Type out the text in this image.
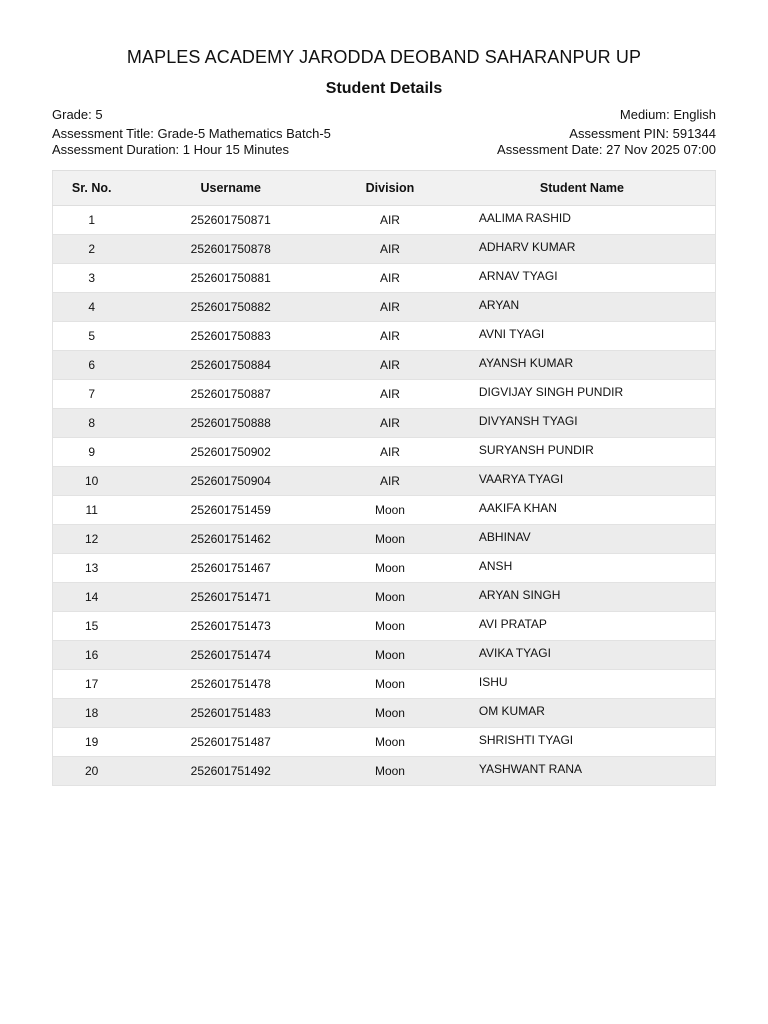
MAPLES ACADEMY JARODDA DEOBAND SAHARANPUR UP
Student Details
Grade: 5	Medium: English
Assessment Title: Grade-5 Mathematics Batch-5	Assessment PIN: 591344
Assessment Duration: 1 Hour 15 Minutes	Assessment Date: 27 Nov 2025 07:00
Sr. No.	Username	Division	Student Name
1	252601750871	AIR	AALIMA RASHID
2	252601750878	AIR	ADHARV KUMAR
3	252601750881	AIR	ARNAV TYAGI
4	252601750882	AIR	ARYAN
5	252601750883	AIR	AVNI TYAGI
6	252601750884	AIR	AYANSH KUMAR
7	252601750887	AIR	DIGVIJAY SINGH PUNDIR
8	252601750888	AIR	DIVYANSH TYAGI
9	252601750902	AIR	SURYANSH PUNDIR
10	252601750904	AIR	VAARYA TYAGI
11	252601751459	Moon	AAKIFA KHAN
12	252601751462	Moon	ABHINAV
13	252601751467	Moon	ANSH
14	252601751471	Moon	ARYAN SINGH
15	252601751473	Moon	AVI PRATAP
16	252601751474	Moon	AVIKA TYAGI
17	252601751478	Moon	ISHU
18	252601751483	Moon	OM KUMAR
19	252601751487	Moon	SHRISHTI TYAGI
20	252601751492	Moon	YASHWANT RANA
